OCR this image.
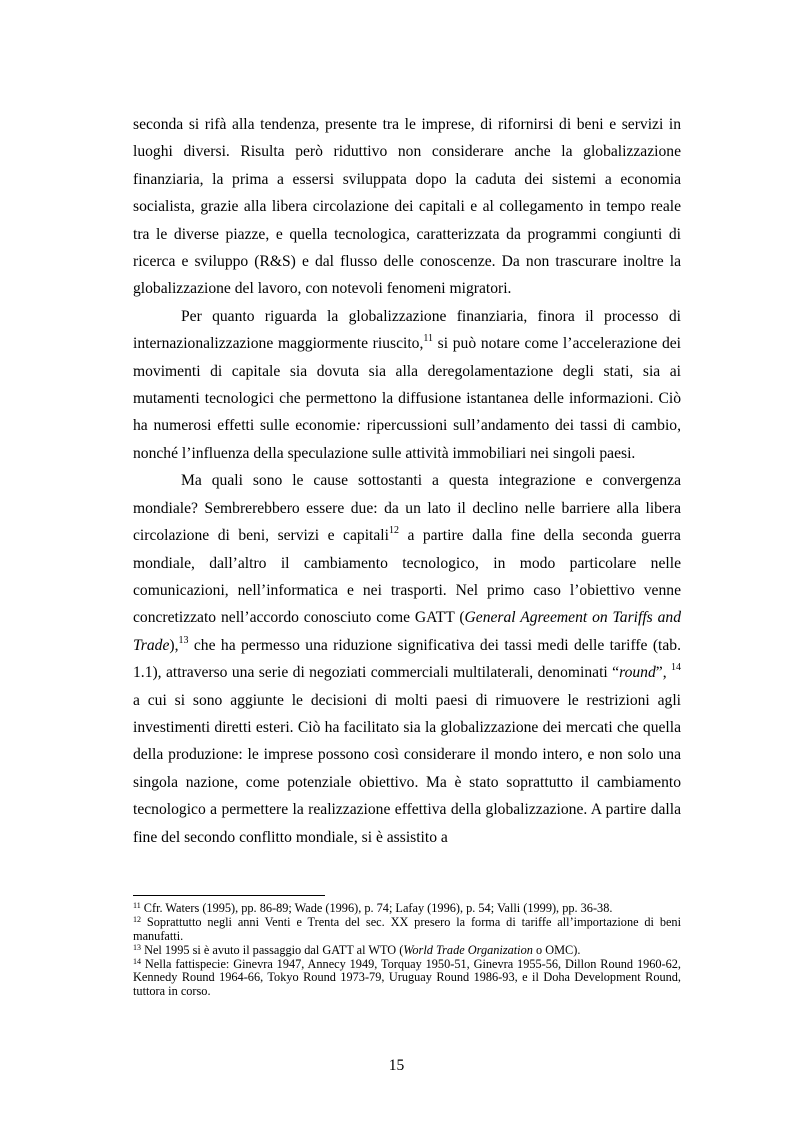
seconda si rifà alla tendenza, presente tra le imprese, di rifornirsi di beni e servizi in luoghi diversi. Risulta però riduttivo non considerare anche la globalizzazione finanziaria, la prima a essersi sviluppata dopo la caduta dei sistemi a economia socialista, grazie alla libera circolazione dei capitali e al collegamento in tempo reale tra le diverse piazze, e quella tecnologica, caratterizzata da programmi congiunti di ricerca e sviluppo (R&S) e dal flusso delle conoscenze. Da non trascurare inoltre la globalizzazione del lavoro, con notevoli fenomeni migratori.

Per quanto riguarda la globalizzazione finanziaria, finora il processo di internazionalizzazione maggiormente riuscito,$^{11}$ si può notare come l’accelerazione dei movimenti di capitale sia dovuta sia alla deregolamentazione degli stati, sia ai mutamenti tecnologici che permettono la diffusione istantanea delle informazioni. Ciò ha numerosi effetti sulle economie: ripercussioni sull’andamento dei tassi di cambio, nonché l’influenza della speculazione sulle attività immobiliari nei singoli paesi.

Ma quali sono le cause sottostanti a questa integrazione e convergenza mondiale? Sembrerebbero essere due: da un lato il declino nelle barriere alla libera circolazione di beni, servizi e capitali$^{12}$ a partire dalla fine della seconda guerra mondiale, dall’altro il cambiamento tecnologico, in modo particolare nelle comunicazioni, nell’informatica e nei trasporti. Nel primo caso l’obiettivo venne concretizzato nell’accordo conosciuto come GATT (General Agreement on Tariffs and Trade),$^{13}$ che ha permesso una riduzione significativa dei tassi medi delle tariffe (tab. 1.1), attraverso una serie di negoziati commerciali multilaterali, denominati “round”, $^{14}$ a cui si sono aggiunte le decisioni di molti paesi di rimuovere le restrizioni agli investimenti diretti esteri. Ciò ha facilitato sia la globalizzazione dei mercati che quella della produzione: le imprese possono così considerare il mondo intero, e non solo una singola nazione, come potenziale obiettivo. Ma è stato soprattutto il cambiamento tecnologico a permettere la realizzazione effettiva della globalizzazione. A partire dalla fine del secondo conflitto mondiale, si è assistito a

$^{11}$ Cfr. Waters (1995), pp. 86-89; Wade (1996), p. 74; Lafay (1996), p. 54; Valli (1999), pp. 36-38.

$^{12}$ Soprattutto negli anni Venti e Trenta del sec. XX presero la forma di tariffe all’importazione di beni manufatti.

$^{13}$ Nel 1995 si è avuto il passaggio dal GATT al WTO (World Trade Organization o OMC).

$^{14}$ Nella fattispecie: Ginevra 1947, Annecy 1949, Torquay 1950-51, Ginevra 1955-56, Dillon Round 1960-62, Kennedy Round 1964-66, Tokyo Round 1973-79, Uruguay Round 1986-93, e il Doha Development Round, tuttora in corso.

15
